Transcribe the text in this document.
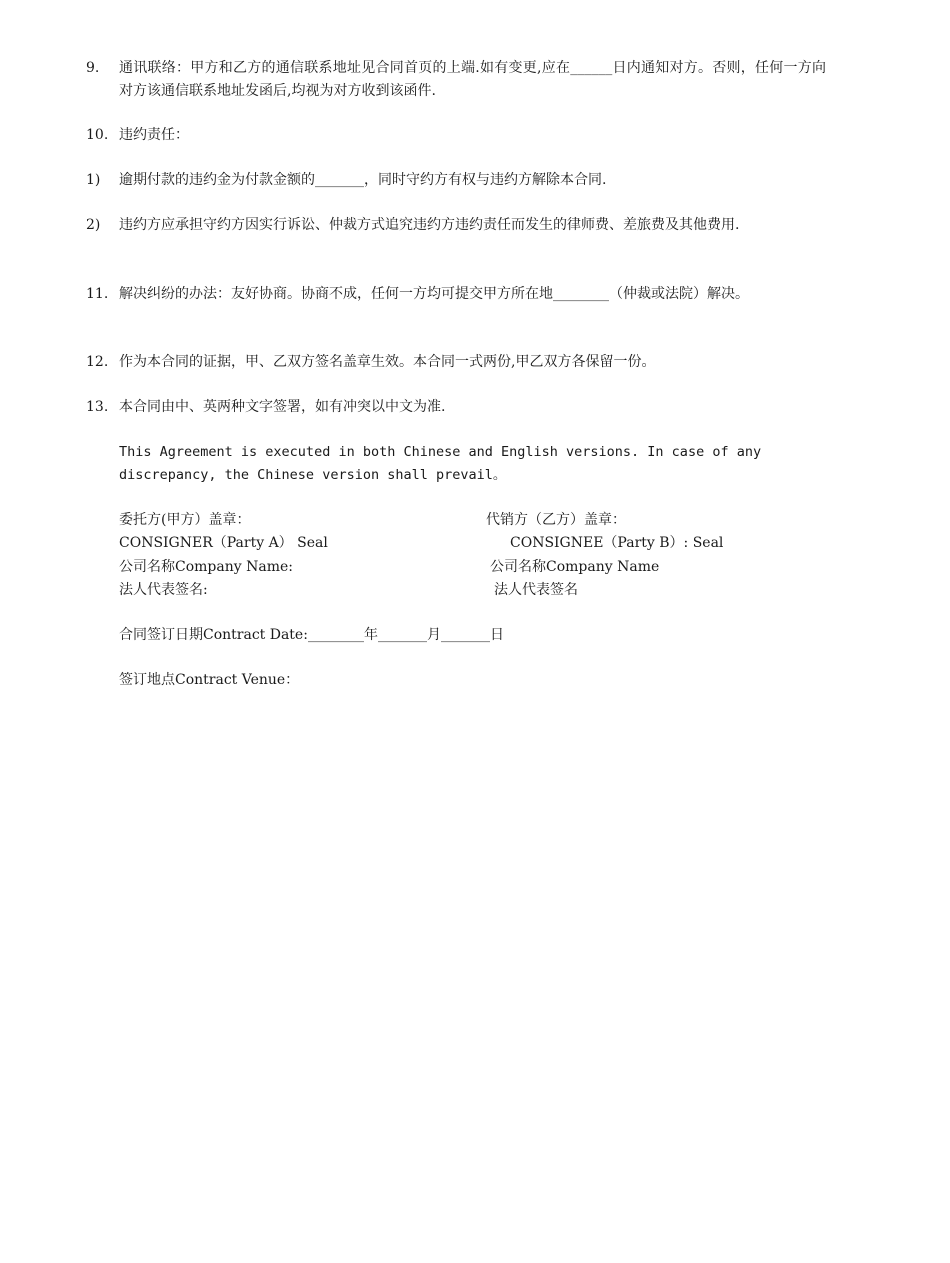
9. 通讯联络：甲方和乙方的通信联系地址见合同首页的上端.如有变更,应在______日内通知对方。否则，任何一方向对方该通信联系地址发函后,均视为对方收到该函件.
10. 违约责任：
1) 逾期付款的违约金为付款金额的_______，同时守约方有权与违约方解除本合同.
2) 违约方应承担守约方因实行诉讼、仲裁方式追究违约方违约责任而发生的律师费、差旅费及其他费用.
11. 解决纠纷的办法：友好协商。协商不成，任何一方均可提交甲方所在地________（仲裁或法院）解决。
12. 作为本合同的证据，甲、乙双方签名盖章生效。本合同一式两份,甲乙双方各保留一份。
13. 本合同由中、英两种文字签署，如有冲突以中文为准.
This Agreement is executed in both Chinese and English versions. In case of any
discrepancy, the Chinese version shall prevail。
委托方(甲方）盖章：	代销方（乙方）盖章：
CONSIGNER（Party A） Seal	CONSIGNEE（Party B）: Seal
公司名称Company Name:	公司名称Company Name
法人代表签名:	法人代表签名
合同签订日期Contract Date:________年_______月_______日
签订地点Contract Venue：
